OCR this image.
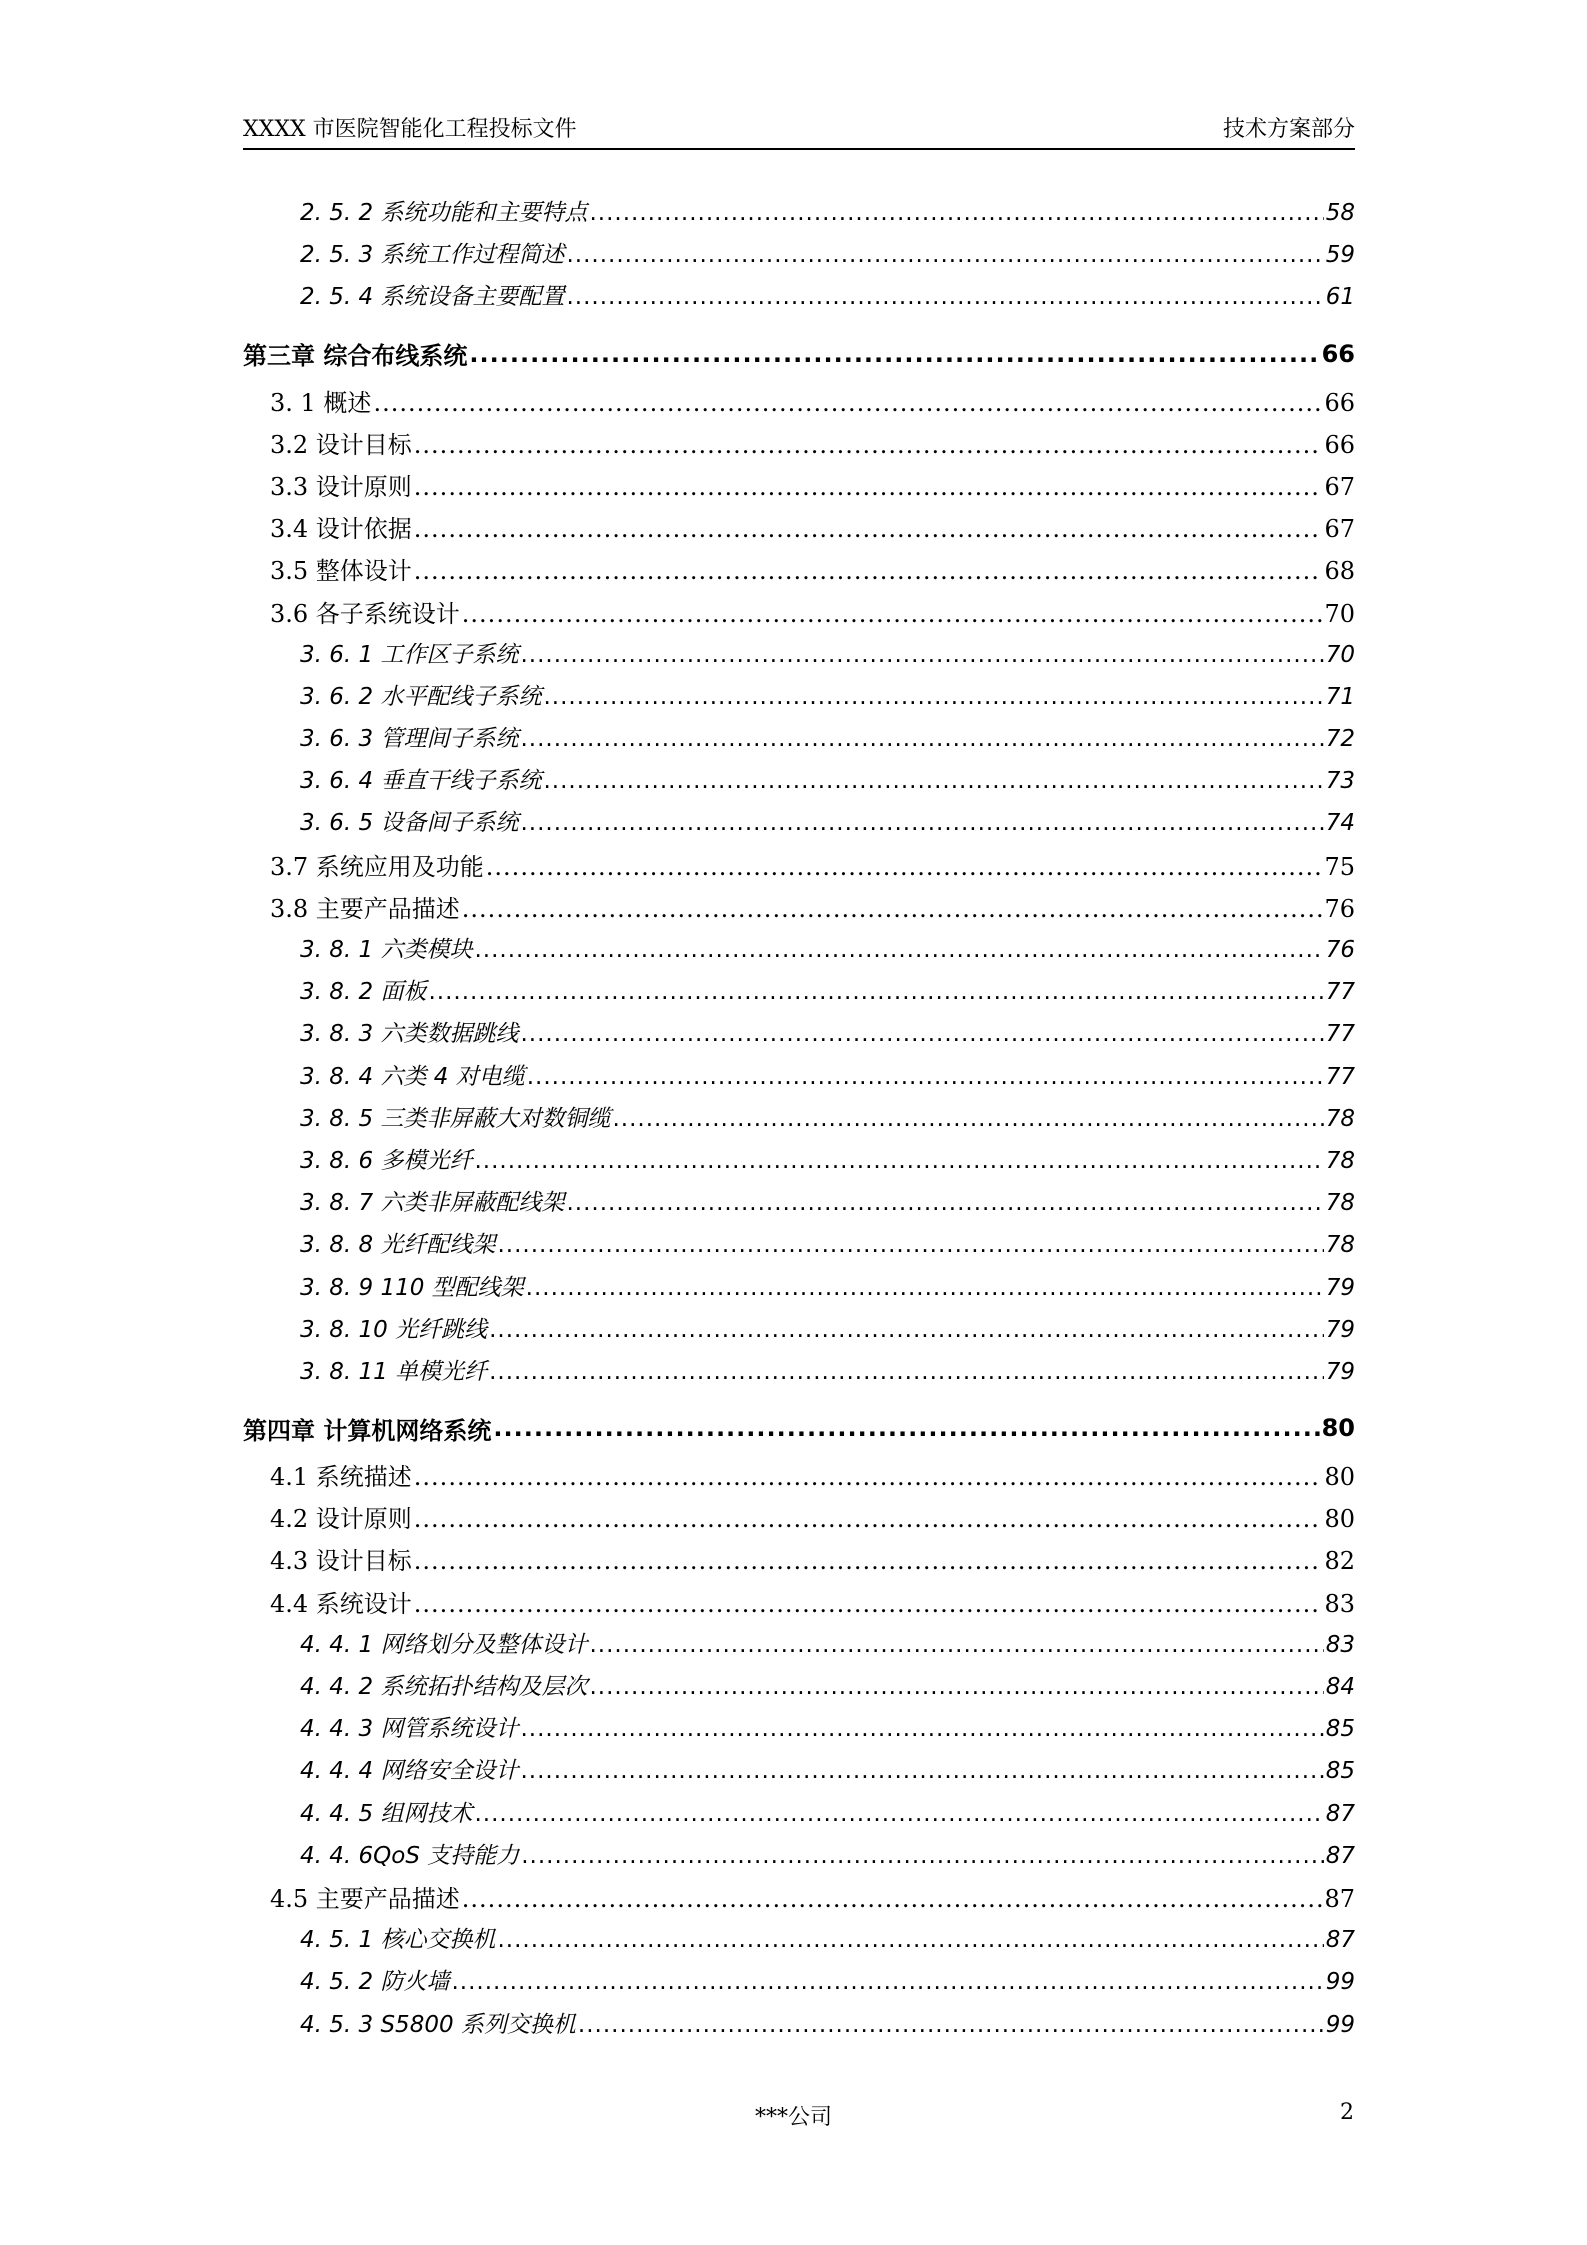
XXXX 市医院智能化工程投标文件	技术方案部分
2. 5. 2 系统功能和主要特点 .....	58
2. 5. 3 系统工作过程简述 .....	59
2. 5. 4 系统设备主要配置 .....	61
第三章 综合布线系统 .....	66
3. 1 概述 .....	66
3.2 设计目标 .....	66
3.3 设计原则 .....	67
3.4 设计依据 .....	67
3.5 整体设计 .....	68
3.6 各子系统设计 .....	70
3. 6. 1 工作区子系统 .....	70
3. 6. 2 水平配线子系统 .....	71
3. 6. 3 管理间子系统 .....	72
3. 6. 4 垂直干线子系统 .....	73
3. 6. 5 设备间子系统 .....	74
3.7 系统应用及功能 .....	75
3.8 主要产品描述 .....	76
3. 8. 1 六类模块 .....	76
3. 8. 2 面板 .....	77
3. 8. 3 六类数据跳线 .....	77
3. 8. 4 六类 4 对电缆 .....	77
3. 8. 5 三类非屏蔽大对数铜缆 .....	78
3. 8. 6 多模光纤 .....	78
3. 8. 7 六类非屏蔽配线架 .....	78
3. 8. 8 光纤配线架 .....	78
3. 8. 9 110 型配线架 .....	79
3. 8. 10 光纤跳线 .....	79
3. 8. 11 单模光纤 .....	79
第四章 计算机网络系统 .....	80
4.1 系统描述 .....	80
4.2 设计原则 .....	80
4.3 设计目标 .....	82
4.4 系统设计 .....	83
4. 4. 1 网络划分及整体设计 .....	83
4. 4. 2 系统拓扑结构及层次 .....	84
4. 4. 3 网管系统设计 .....	85
4. 4. 4 网络安全设计 .....	85
4. 4. 5 组网技术 .....	87
4. 4. 6QoS 支持能力 .....	87
4.5 主要产品描述 .....	87
4. 5. 1 核心交换机 .....	87
4. 5. 2 防火墙 .....	99
4. 5. 3 S5800 系列交换机 .....	99
***公司	2
